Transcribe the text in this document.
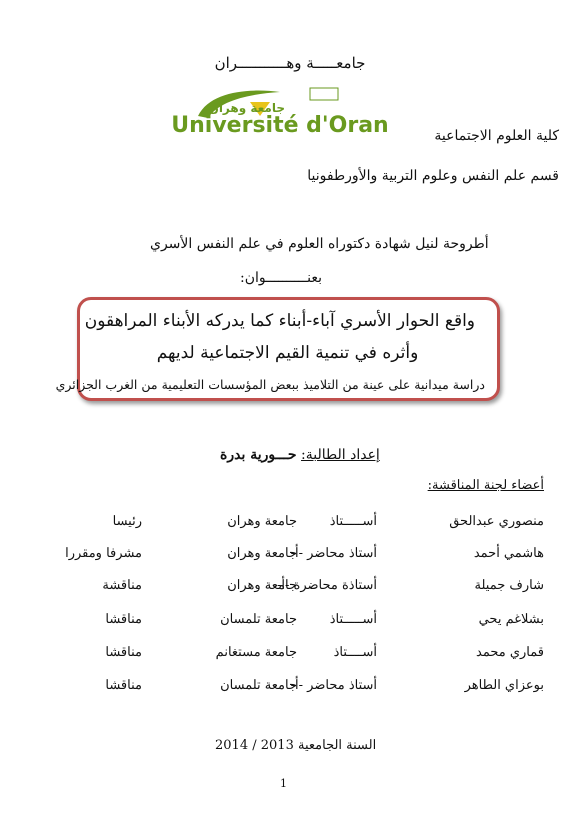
جامعـــــة وهـــــــــــران
جامعة وهران
Université d'Oran	كلية العلوم الاجتماعية
قسم علم النفس وعلوم التربية والأورطفونيا
أطروحة لنيل شهادة دكتوراه العلوم في علم النفس الأسري
بعنــــــــــوان:
واقع الحوار الأسري آباء-أبناء كما يدركه الأبناء المراهقون
وأثره في تنمية القيم الاجتماعية لديهم
دراسة ميدانية على عينة من التلاميذ ببعض المؤسسات التعليمية من الغرب الجزائري
إعداد الطالبة: حـــورية بدرة
أعضاء لجنة المناقشة:
منصوري عبدالحق
أســـــتاذ
جامعة وهران
رئيسا
هاشمي أحمد
أستاذ محاضر -أ-
جامعة وهران
مشرفا ومقررا
شارف جميلة
أستاذة محاضرة -أ-
جامعة وهران
مناقشة
بشلاغم يحي
أســـــتاذ
جامعة تلمسان
مناقشا
قماري محمد
أســــتاذ
جامعة مستغانم
مناقشا
بوعزاي الطاهر
أستاذ محاضر -أ-
جامعة تلمسان
مناقشا
السنة الجامعية 2013 / 2014
1
